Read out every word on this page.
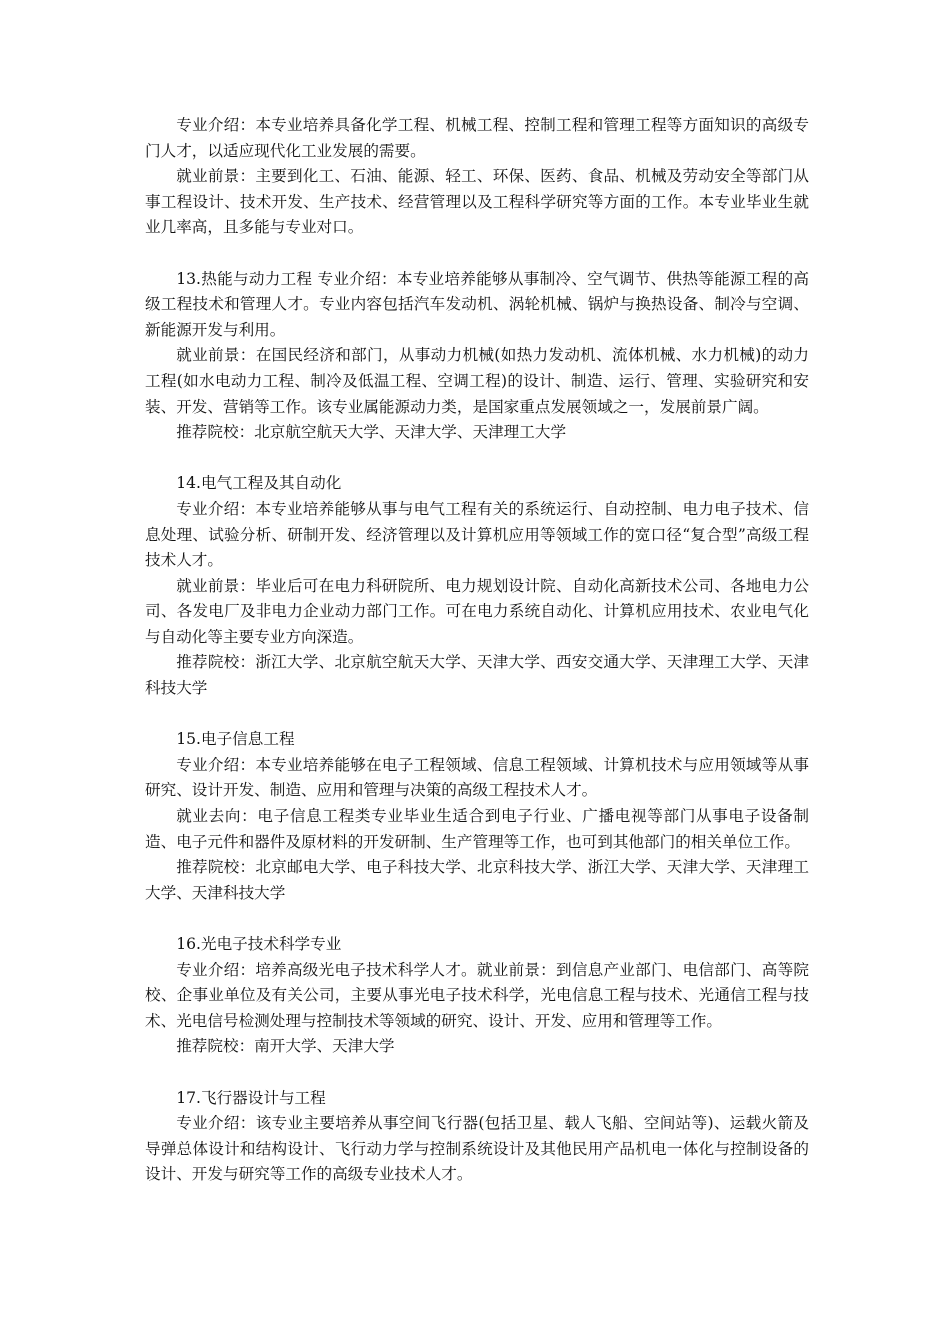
专业介绍：本专业培养具备化学工程、机械工程、控制工程和管理工程等方面知识的高级专门人才，以适应现代化工业发展的需要。

就业前景：主要到化工、石油、能源、轻工、环保、医药、食品、机械及劳动安全等部门从事工程设计、技术开发、生产技术、经营管理以及工程科学研究等方面的工作。本专业毕业生就业几率高，且多能与专业对口。

13.热能与动力工程 专业介绍：本专业培养能够从事制冷、空气调节、供热等能源工程的高级工程技术和管理人才。专业内容包括汽车发动机、涡轮机械、锅炉与换热设备、制冷与空调、新能源开发与利用。

就业前景：在国民经济和部门，从事动力机械(如热力发动机、流体机械、水力机械)的动力工程(如水电动力工程、制冷及低温工程、空调工程)的设计、制造、运行、管理、实验研究和安装、开发、营销等工作。该专业属能源动力类，是国家重点发展领域之一，发展前景广阔。

推荐院校：北京航空航天大学、天津大学、天津理工大学

14.电气工程及其自动化

专业介绍：本专业培养能够从事与电气工程有关的系统运行、自动控制、电力电子技术、信息处理、试验分析、研制开发、经济管理以及计算机应用等领域工作的宽口径“复合型”高级工程技术人才。

就业前景：毕业后可在电力科研院所、电力规划设计院、自动化高新技术公司、各地电力公司、各发电厂及非电力企业动力部门工作。可在电力系统自动化、计算机应用技术、农业电气化与自动化等主要专业方向深造。

推荐院校：浙江大学、北京航空航天大学、天津大学、西安交通大学、天津理工大学、天津科技大学

15.电子信息工程

专业介绍：本专业培养能够在电子工程领域、信息工程领域、计算机技术与应用领域等从事研究、设计开发、制造、应用和管理与决策的高级工程技术人才。

就业去向：电子信息工程类专业毕业生适合到电子行业、广播电视等部门从事电子设备制造、电子元件和器件及原材料的开发研制、生产管理等工作，也可到其他部门的相关单位工作。

推荐院校：北京邮电大学、电子科技大学、北京科技大学、浙江大学、天津大学、天津理工大学、天津科技大学

16.光电子技术科学专业

专业介绍：培养高级光电子技术科学人才。就业前景：到信息产业部门、电信部门、高等院校、企事业单位及有关公司，主要从事光电子技术科学，光电信息工程与技术、光通信工程与技术、光电信号检测处理与控制技术等领域的研究、设计、开发、应用和管理等工作。

推荐院校：南开大学、天津大学

17.飞行器设计与工程

专业介绍：该专业主要培养从事空间飞行器(包括卫星、载人飞船、空间站等)、运载火箭及导弹总体设计和结构设计、飞行动力学与控制系统设计及其他民用产品机电一体化与控制设备的设计、开发与研究等工作的高级专业技术人才。
